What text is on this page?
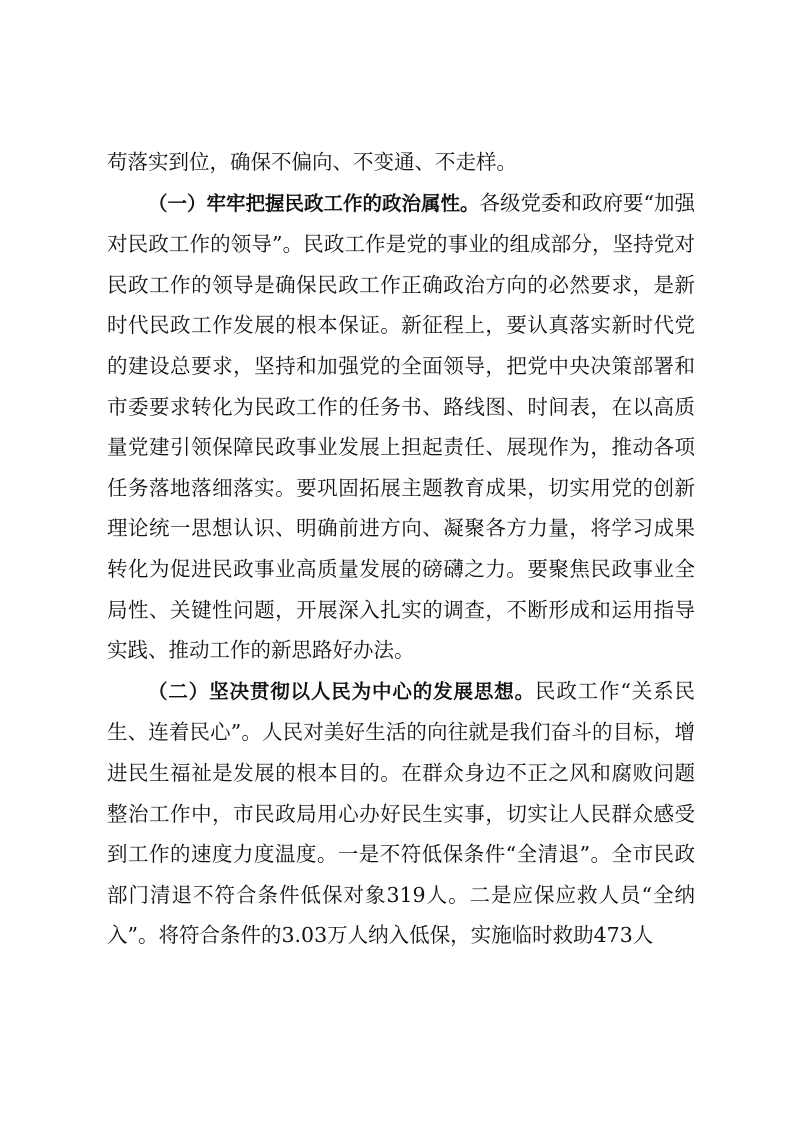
苟落实到位，确保不偏向、不变通、不走样。

（一）牢牢把握民政工作的政治属性。各级党委和政府要“加强对民政工作的领导”。民政工作是党的事业的组成部分，坚持党对民政工作的领导是确保民政工作正确政治方向的必然要求，是新时代民政工作发展的根本保证。新征程上，要认真落实新时代党的建设总要求，坚持和加强党的全面领导，把党中央决策部署和市委要求转化为民政工作的任务书、路线图、时间表，在以高质量党建引领保障民政事业发展上担起责任、展现作为，推动各项任务落地落细落实。要巩固拓展主题教育成果，切实用党的创新理论统一思想认识、明确前进方向、凝聚各方力量，将学习成果转化为促进民政事业高质量发展的磅礴之力。要聚焦民政事业全局性、关键性问题，开展深入扎实的调查，不断形成和运用指导实践、推动工作的新思路好办法。

（二）坚决贯彻以人民为中心的发展思想。民政工作“关系民生、连着民心”。人民对美好生活的向往就是我们奋斗的目标，增进民生福祉是发展的根本目的。在群众身边不正之风和腐败问题整治工作中，市民政局用心办好民生实事，切实让人民群众感受到工作的速度力度温度。一是不符低保条件“全清退”。全市民政部门清退不符合条件低保对象319人。二是应保应救人员“全纳入”。将符合条件的3.03万人纳入低保，实施临时救助473人
